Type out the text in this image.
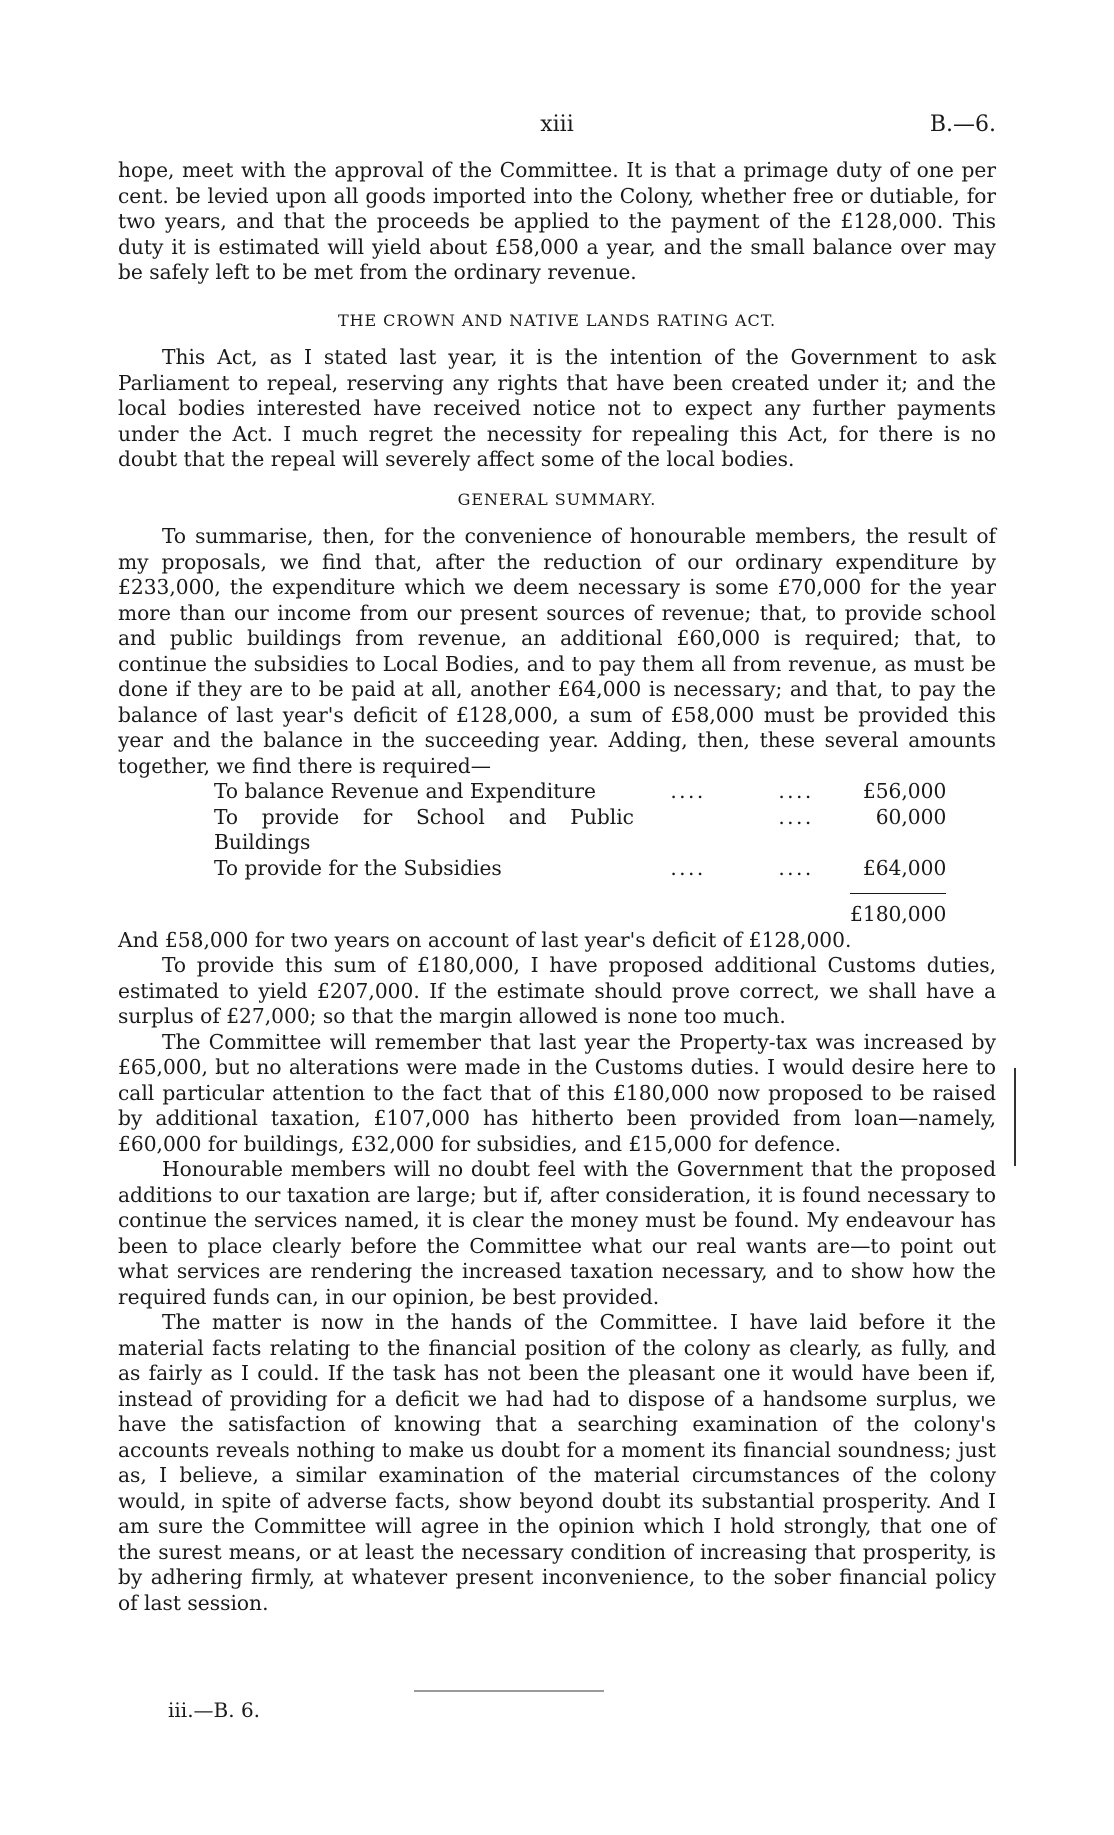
xiii	B.—6.

hope, meet with the approval of the Committee. It is that a primage duty of one per cent. be levied upon all goods imported into the Colony, whether free or dutiable, for two years, and that the proceeds be applied to the payment of the £128,000. This duty it is estimated will yield about £58,000 a year, and the small balance over may be safely left to be met from the ordinary revenue.

THE CROWN AND NATIVE LANDS RATING ACT.

This Act, as I stated last year, it is the intention of the Government to ask Parliament to repeal, reserving any rights that have been created under it; and the local bodies interested have received notice not to expect any further payments under the Act. I much regret the necessity for repealing this Act, for there is no doubt that the repeal will severely affect some of the local bodies.

GENERAL SUMMARY.

To summarise, then, for the convenience of honourable members, the result of my proposals, we find that, after the reduction of our ordinary expenditure by £233,000, the expenditure which we deem necessary is some £70,000 for the year more than our income from our present sources of revenue; that, to provide school and public buildings from revenue, an additional £60,000 is required; that, to continue the subsidies to Local Bodies, and to pay them all from revenue, as must be done if they are to be paid at all, another £64,000 is necessary; and that, to pay the balance of last year's deficit of £128,000, a sum of £58,000 must be provided this year and the balance in the succeeding year. Adding, then, these several amounts together, we find there is required—

To balance Revenue and Expenditure	....	....	£56,000
To provide for School and Public Buildings		....	60,000
To provide for the Subsidies	....	....	£64,000

			£180,000

And £58,000 for two years on account of last year's deficit of £128,000.

To provide this sum of £180,000, I have proposed additional Customs duties, estimated to yield £207,000. If the estimate should prove correct, we shall have a surplus of £27,000; so that the margin allowed is none too much.

The Committee will remember that last year the Property-tax was increased by £65,000, but no alterations were made in the Customs duties. I would desire here to call particular attention to the fact that of this £180,000 now proposed to be raised by additional taxation, £107,000 has hitherto been provided from loan—namely, £60,000 for buildings, £32,000 for subsidies, and £15,000 for defence.

Honourable members will no doubt feel with the Government that the proposed additions to our taxation are large; but if, after consideration, it is found necessary to continue the services named, it is clear the money must be found. My endeavour has been to place clearly before the Committee what our real wants are—to point out what services are rendering the increased taxation necessary, and to show how the required funds can, in our opinion, be best provided.

The matter is now in the hands of the Committee. I have laid before it the material facts relating to the financial position of the colony as clearly, as fully, and as fairly as I could. If the task has not been the pleasant one it would have been if, instead of providing for a deficit we had had to dispose of a handsome surplus, we have the satisfaction of knowing that a searching examination of the colony's accounts reveals nothing to make us doubt for a moment its financial soundness; just as, I believe, a similar examination of the material circumstances of the colony would, in spite of adverse facts, show beyond doubt its substantial prosperity. And I am sure the Committee will agree in the opinion which I hold strongly, that one of the surest means, or at least the necessary condition of increasing that prosperity, is by adhering firmly, at whatever present inconvenience, to the sober financial policy of last session.

iii.—B. 6.
